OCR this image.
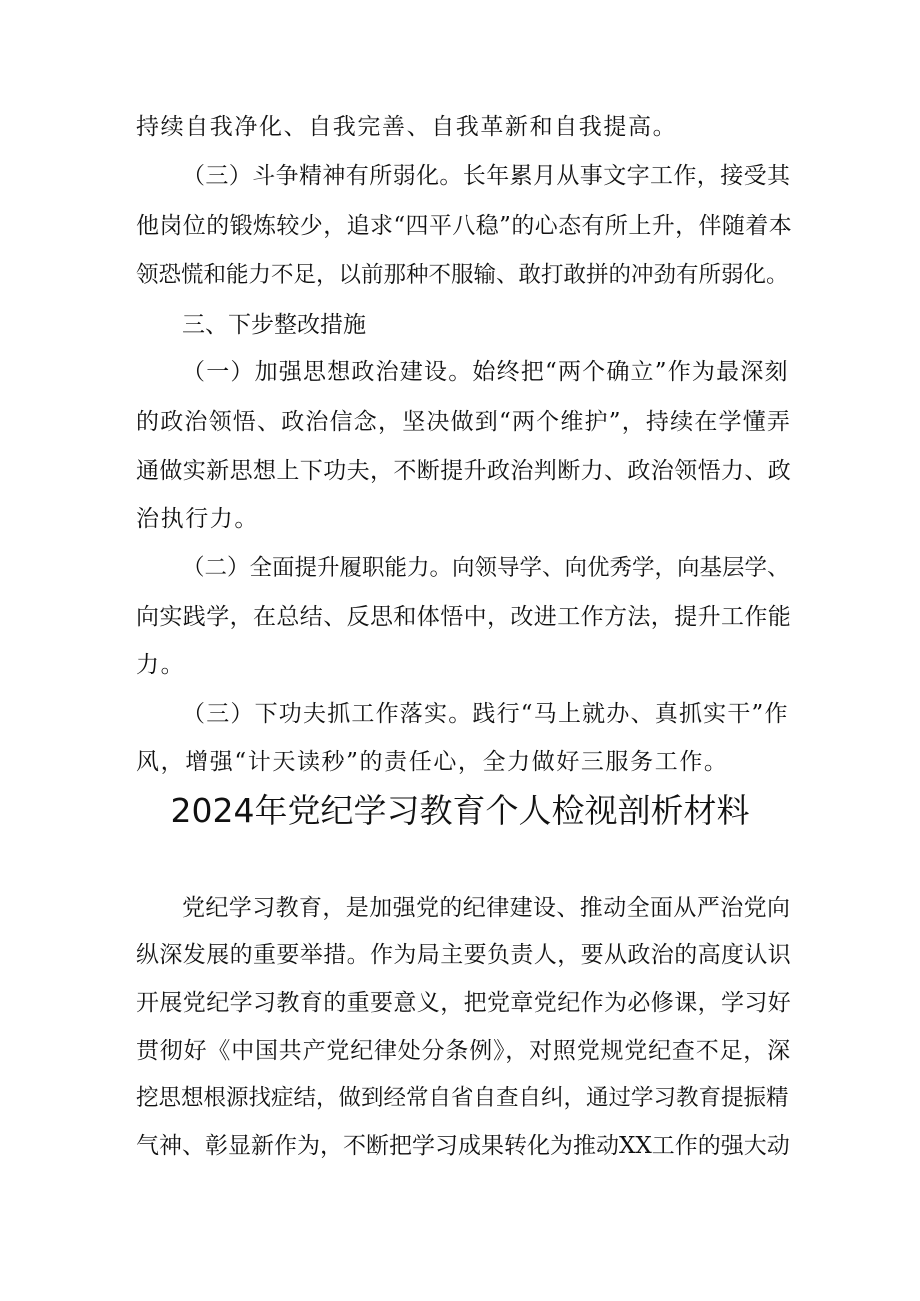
持续自我净化、自我完善、自我革新和自我提高。
（三）斗争精神有所弱化。长年累月从事文字工作，接受其
他岗位的锻炼较少，追求“四平八稳”的心态有所上升，伴随着本
领恐慌和能力不足，以前那种不服输、敢打敢拼的冲劲有所弱化。
三、下步整改措施
（一）加强思想政治建设。始终把“两个确立”作为最深刻
的政治领悟、政治信念，坚决做到“两个维护”，持续在学懂弄
通做实新思想上下功夫，不断提升政治判断力、政治领悟力、政
治执行力。
（二）全面提升履职能力。向领导学、向优秀学，向基层学、
向实践学，在总结、反思和体悟中，改进工作方法，提升工作能
力。
（三）下功夫抓工作落实。践行“马上就办、真抓实干”作
风，增强“计天读秒”的责任心，全力做好三服务工作。
2024年党纪学习教育个人检视剖析材料
党纪学习教育，是加强党的纪律建设、推动全面从严治党向
纵深发展的重要举措。作为局主要负责人，要从政治的高度认识
开展党纪学习教育的重要意义，把党章党纪作为必修课，学习好
贯彻好《中国共产党纪律处分条例》，对照党规党纪查不足，深
挖思想根源找症结，做到经常自省自查自纠，通过学习教育提振精
气神、彰显新作为，不断把学习成果转化为推动XX工作的强大动
